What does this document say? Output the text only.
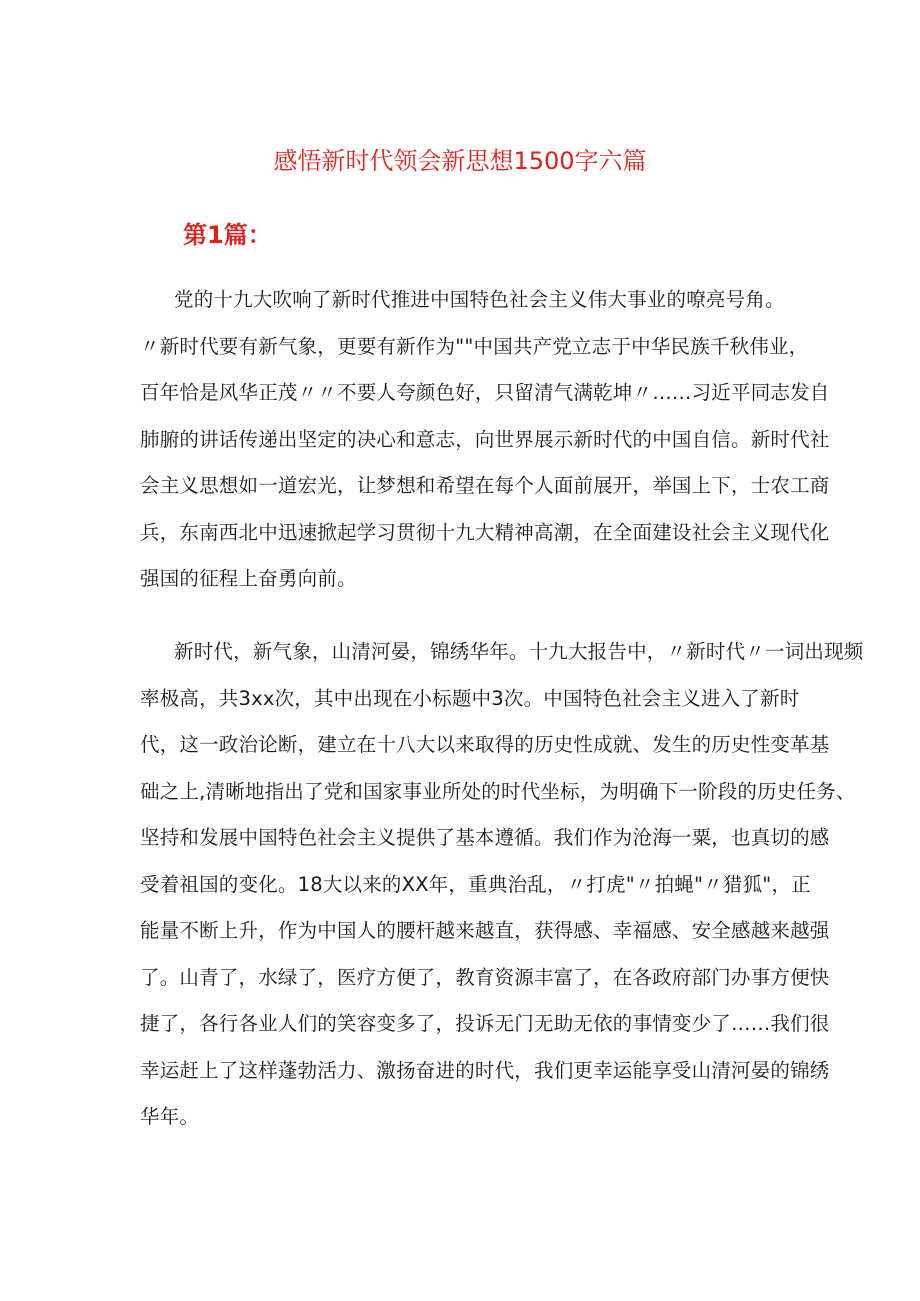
感悟新时代领会新思想1500字六篇
第1篇：
党的十九大吹响了新时代推进中国特色社会主义伟大事业的嘹亮号角。
〃新时代要有新气象，更要有新作为""中国共产党立志于中华民族千秋伟业，
百年恰是风华正茂〃〃不要人夸颜色好，只留清气满乾坤〃……习近平同志发自
肺腑的讲话传递出坚定的决心和意志，向世界展示新时代的中国自信。新时代社
会主义思想如一道宏光，让梦想和希望在每个人面前展开，举国上下，士农工商
兵，东南西北中迅速掀起学习贯彻十九大精神高潮，在全面建设社会主义现代化
强国的征程上奋勇向前。
新时代，新气象，山清河晏，锦绣华年。十九大报告中，〃新时代〃一词出现频
率极高，共3xx次，其中出现在小标题中3次。中国特色社会主义进入了新时
代，这一政治论断，建立在十八大以来取得的历史性成就、发生的历史性变革基
础之上,清晰地指出了党和国家事业所处的时代坐标，为明确下一阶段的历史任务、
坚持和发展中国特色社会主义提供了基本遵循。我们作为沧海一粟，也真切的感
受着祖国的变化。18大以来的XX年，重典治乱，〃打虎"〃拍蝇"〃猎狐"，正
能量不断上升，作为中国人的腰杆越来越直，获得感、幸福感、安全感越来越强
了。山青了，水绿了，医疗方便了，教育资源丰富了，在各政府部门办事方便快
捷了，各行各业人们的笑容变多了，投诉无门无助无依的事情变少了……我们很
幸运赶上了这样蓬勃活力、激扬奋进的时代，我们更幸运能享受山清河晏的锦绣
华年。
